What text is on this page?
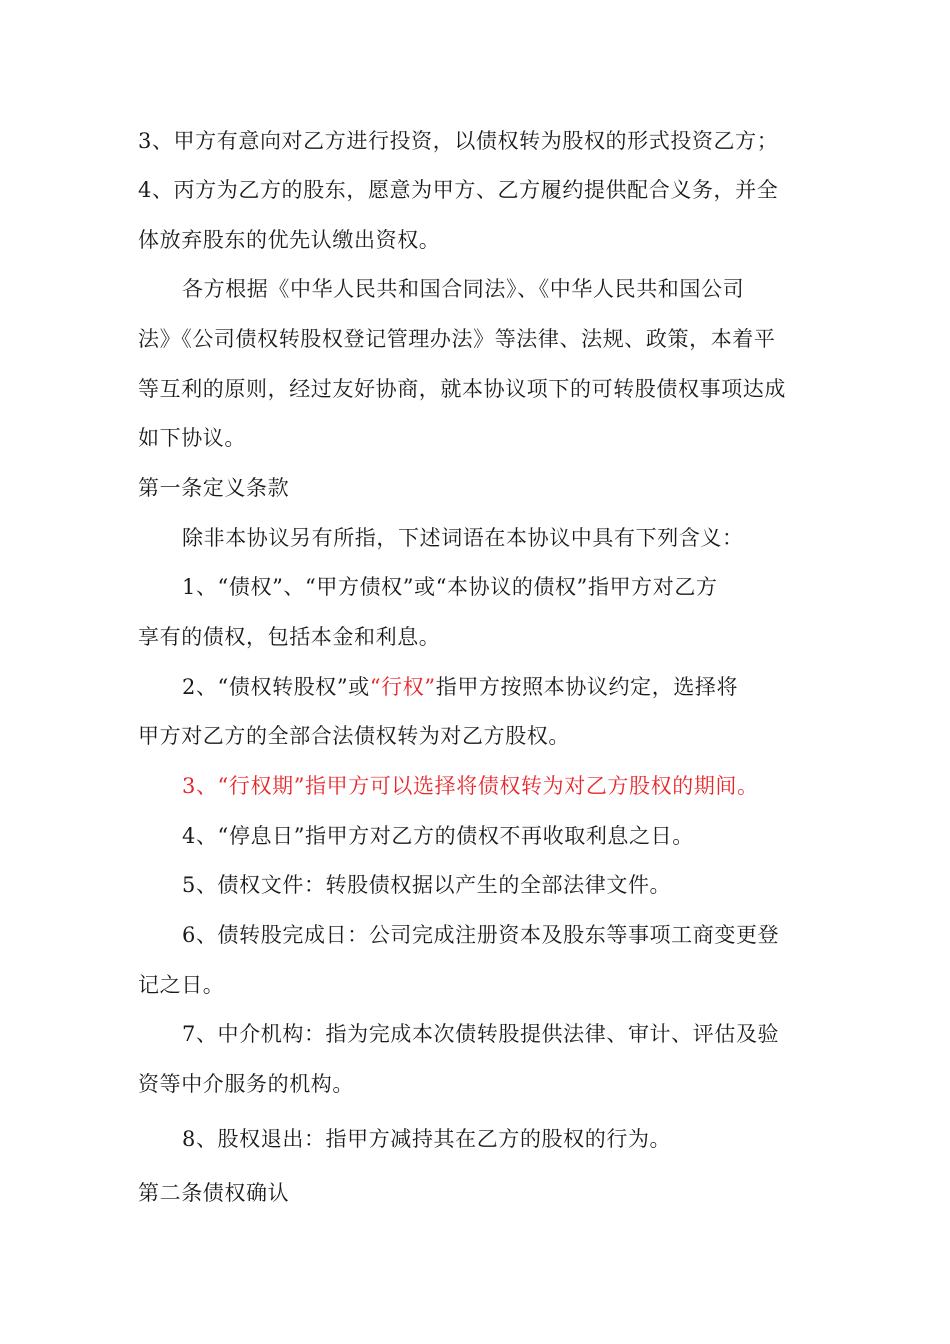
3、甲方有意向对乙方进行投资，以债权转为股权的形式投资乙方；
4、丙方为乙方的股东，愿意为甲方、乙方履约提供配合义务，并全
体放弃股东的优先认缴出资权。
各方根据《中华人民共和国合同法》、《中华人民共和国公司
法》《公司债权转股权登记管理办法》等法律、法规、政策，本着平
等互利的原则，经过友好协商，就本协议项下的可转股债权事项达成
如下协议。
第一条定义条款
除非本协议另有所指，下述词语在本协议中具有下列含义：
1、“债权”、“甲方债权”或“本协议的债权”指甲方对乙方
享有的债权，包括本金和利息。
2、“债权转股权”或“行权”指甲方按照本协议约定，选择将
甲方对乙方的全部合法债权转为对乙方股权。
3、“行权期”指甲方可以选择将债权转为对乙方股权的期间。
4、“停息日”指甲方对乙方的债权不再收取利息之日。
5、债权文件：转股债权据以产生的全部法律文件。
6、债转股完成日：公司完成注册资本及股东等事项工商变更登
记之日。
7、中介机构：指为完成本次债转股提供法律、审计、评估及验
资等中介服务的机构。
8、股权退出：指甲方减持其在乙方的股权的行为。
第二条债权确认
